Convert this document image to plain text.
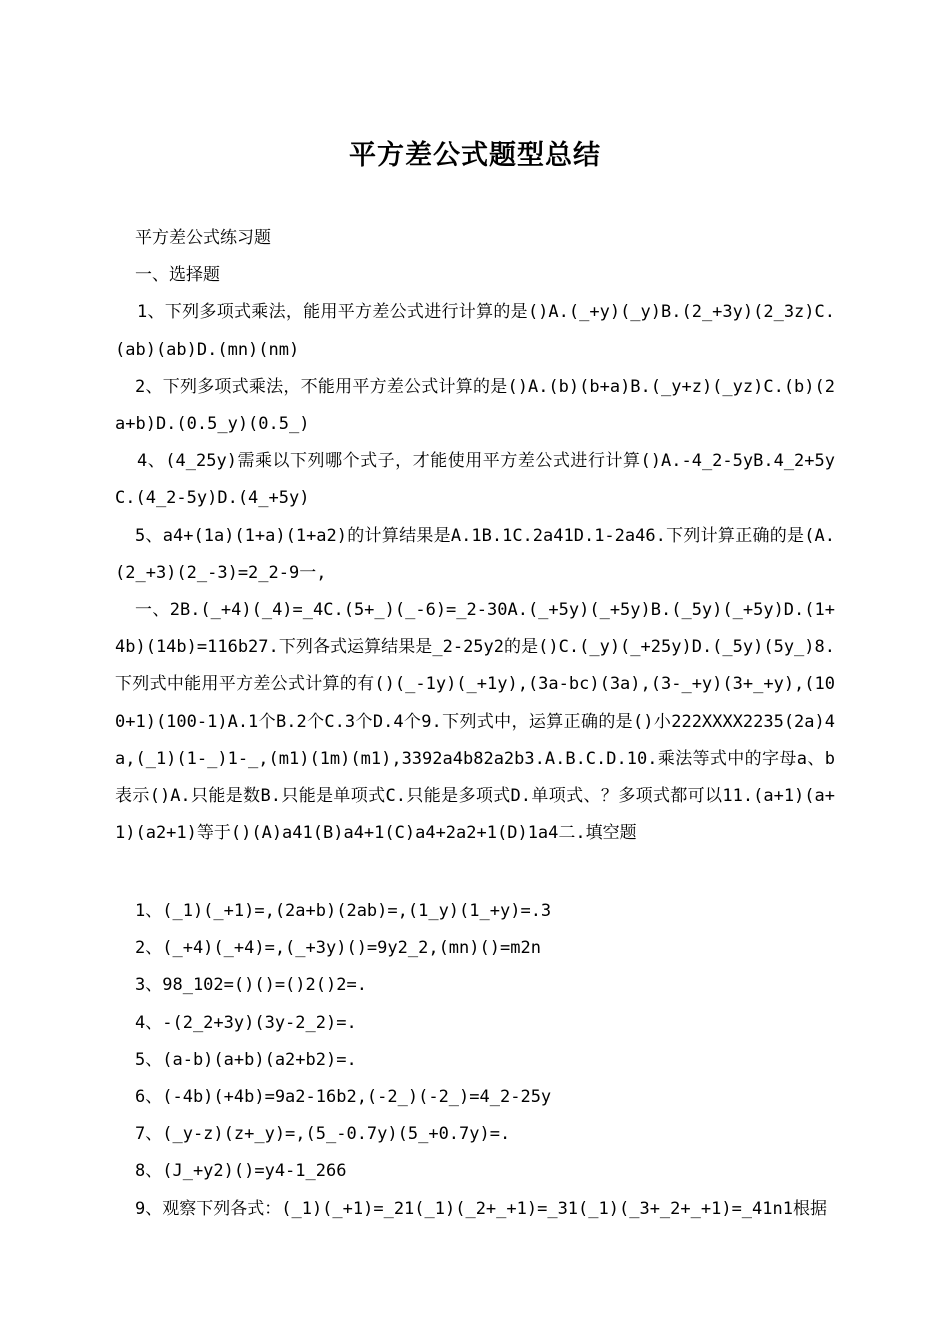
平方差公式题型总结

平方差公式练习题

一、选择题

1、下列多项式乘法，能用平方差公式进行计算的是()A.(_+y)(_y)B.(2_+3y)(2_3z)C.(ab)(ab)D.(mn)(nm)

2、下列多项式乘法，不能用平方差公式计算的是()A.(b)(b+a)B.(_y+z)(_yz)C.(b)(2a+b)D.(0.5_y)(0.5_)

4、(4_25y)需乘以下列哪个式子，才能使用平方差公式进行计算()A.-4_2-5yB.4_2+5yC.(4_2-5y)D.(4_+5y)

5、a4+(1a)(1+a)(1+a2)的计算结果是A.1B.1C.2a41D.1-2a46.下列计算正确的是(A.(2_+3)(2_-3)=2_2-9一,

一、2B.(_+4)(_4)=_4C.(5+_)(_-6)=_2-30A.(_+5y)(_+5y)B.(_5y)(_+5y)D.(1+4b)(14b)=116b27.下列各式运算结果是_2-25y2的是()C.(_y)(_+25y)D.(_5y)(5y_)8.下列式中能用平方差公式计算的有()(_-1y)(_+1y),(3a-bc)(3a),(3-_+y)(3+_+y),(100+1)(100-1)A.1个B.2个C.3个D.4个9.下列式中，运算正确的是()小222XXXX2235(2a)4a,(_1)(1-_)1-_,(m1)(1m)(m1),3392a4b82a2b3.A.B.C.D.10.乘法等式中的字母a、b表示()A.只能是数B.只能是单项式C.只能是多项式D.单项式、？多项式都可以11.(a+1)(a+1)(a2+1)等于()(A)a41(B)a4+1(C)a4+2a2+1(D)1a4二.填空题

1、(_1)(_+1)=,(2a+b)(2ab)=,(1_y)(1_+y)=.3

2、(_+4)(_+4)=,(_+3y)()=9y2_2,(mn)()=m2n

3、98_102=()()=()2()2=.

4、-(2_2+3y)(3y-2_2)=.

5、(a-b)(a+b)(a2+b2)=.

6、(-4b)(+4b)=9a2-16b2,(-2_)(-2_)=4_2-25y

7、(_y-z)(z+_y)=,(5_-0.7y)(5_+0.7y)=.

8、(J_+y2)()=y4-1_266

9、观察下列各式：(_1)(_+1)=_21(_1)(_2+_+1)=_31(_1)(_3+_2+_+1)=_41n1根据
